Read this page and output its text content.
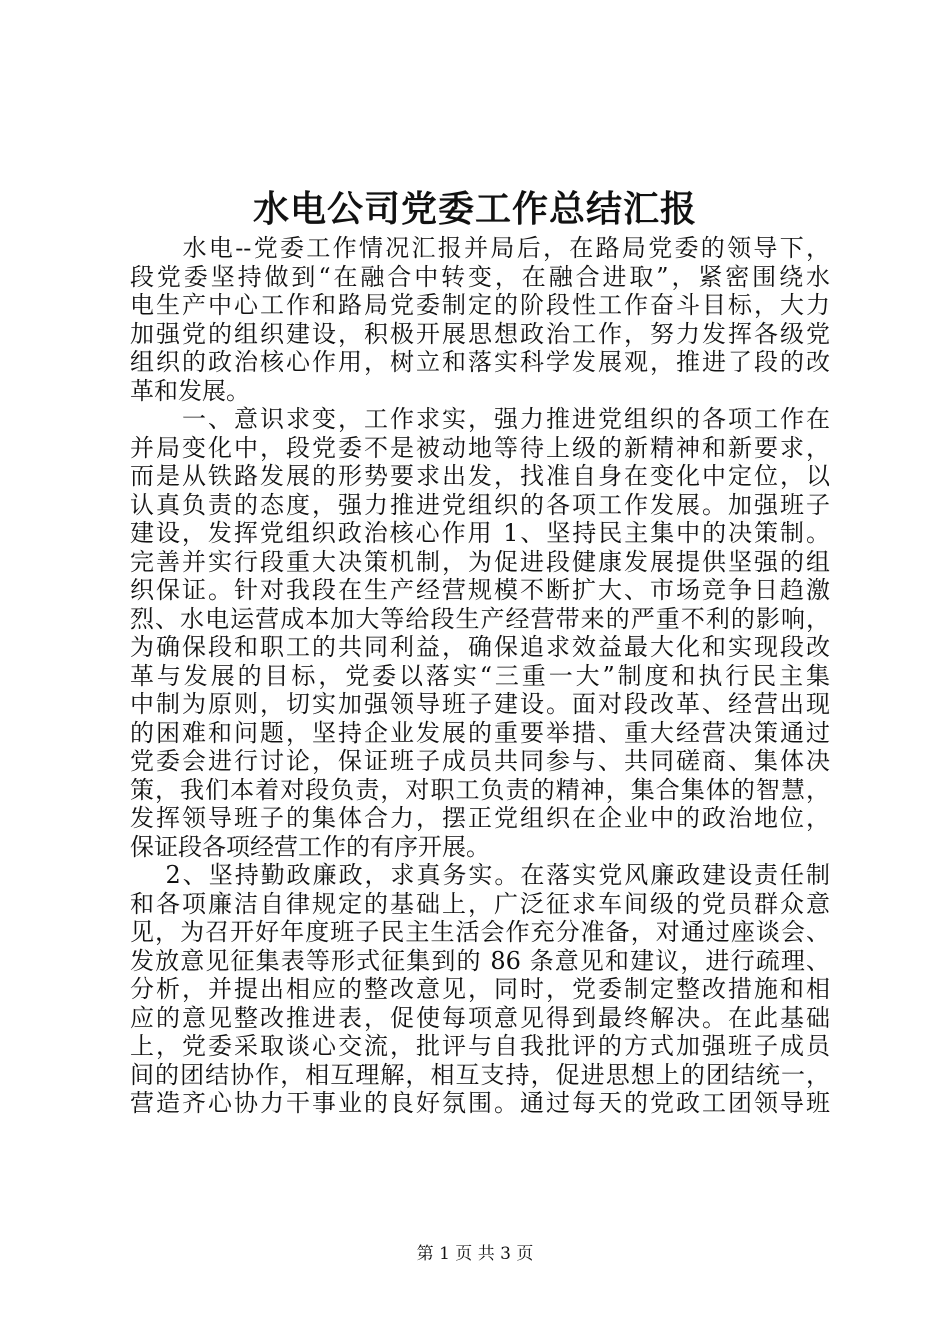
水电公司党委工作总结汇报
　　水电--党委工作情况汇报并局后，在路局党委的领导下，
段党委坚持做到“在融合中转变，在融合进取”，紧密围绕水
电生产中心工作和路局党委制定的阶段性工作奋斗目标，大力
加强党的组织建设，积极开展思想政治工作，努力发挥各级党
组织的政治核心作用，树立和落实科学发展观，推进了段的改
革和发展。
　　一、意识求变，工作求实，强力推进党组织的各项工作在
并局变化中，段党委不是被动地等待上级的新精神和新要求，
而是从铁路发展的形势要求出发，找准自身在变化中定位，以
认真负责的态度，强力推进党组织的各项工作发展。加强班子
建设，发挥党组织政治核心作用 1、坚持民主集中的决策制。
完善并实行段重大决策机制，为促进段健康发展提供坚强的组
织保证。针对我段在生产经营规模不断扩大、市场竞争日趋激
烈、水电运营成本加大等给段生产经营带来的严重不利的影响，
为确保段和职工的共同利益，确保追求效益最大化和实现段改
革与发展的目标，党委以落实“三重一大”制度和执行民主集
中制为原则，切实加强领导班子建设。面对段改革、经营出现
的困难和问题，坚持企业发展的重要举措、重大经营决策通过
党委会进行讨论，保证班子成员共同参与、共同磋商、集体决
策，我们本着对段负责，对职工负责的精神，集合集体的智慧，
发挥领导班子的集体合力，摆正党组织在企业中的政治地位，
保证段各项经营工作的有序开展。
　 2、坚持勤政廉政，求真务实。在落实党风廉政建设责任制
和各项廉洁自律规定的基础上，广泛征求车间级的党员群众意
见，为召开好年度班子民主生活会作充分准备，对通过座谈会、
发放意见征集表等形式征集到的 86 条意见和建议，进行疏理、
分析，并提出相应的整改意见，同时，党委制定整改措施和相
应的意见整改推进表，促使每项意见得到最终解决。在此基础
上，党委采取谈心交流，批评与自我批评的方式加强班子成员
间的团结协作，相互理解，相互支持，促进思想上的团结统一，
营造齐心协力干事业的良好氛围。通过每天的党政工团领导班
第 1 页 共 3 页
